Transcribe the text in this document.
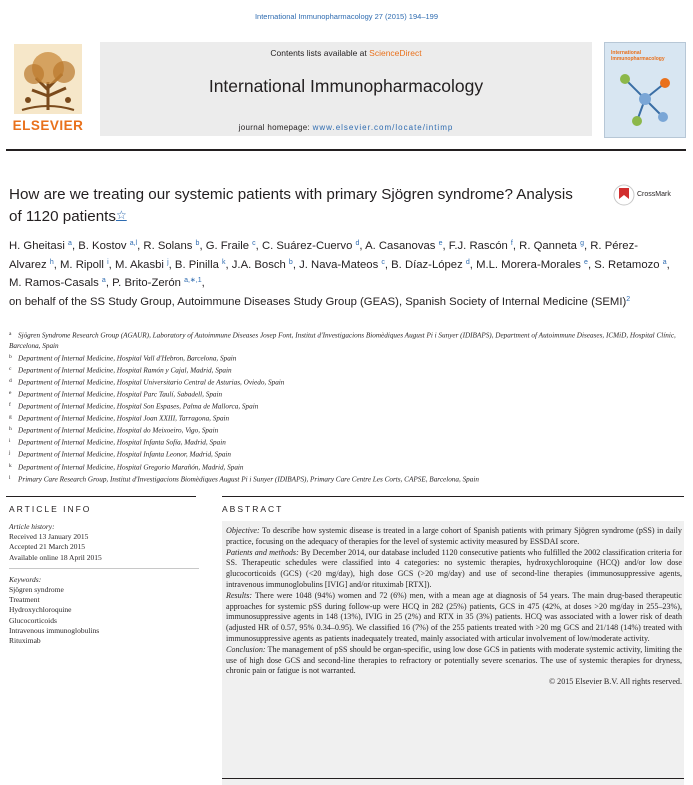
International Immunopharmacology 27 (2015) 194–199
ELSEVIER
Contents lists available at ScienceDirect
International Immunopharmacology
journal homepage: www.elsevier.com/locate/intimp
International Immunopharmacology
How are we treating our systemic patients with primary Sjögren syndrome? Analysis of 1120 patients☆
CrossMark
H. Gheitasi $^a$, B. Kostov $^{a,l}$, R. Solans $^b$, G. Fraile $^c$, C. Suárez-Cuervo $^d$, A. Casanovas $^e$, F.J. Rascón $^f$, R. Qanneta $^g$, R. Pérez-Alvarez $^h$, M. Ripoll $^i$, M. Akasbi $^j$, B. Pinilla $^k$, J.A. Bosch $^b$, J. Nava-Mateos $^c$, B. Díaz-López $^d$, M.L. Morera-Morales $^e$, S. Retamozo $^a$, M. Ramos-Casals $^a$, P. Brito-Zerón $^{a,∗,1}$,
on behalf of the SS Study Group, Autoimmune Diseases Study Group (GEAS), Spanish Society of Internal Medicine (SEMI)$^2$
a Sjögren Syndrome Research Group (AGAUR), Laboratory of Autoimmune Diseases Josep Font, Institut d'Investigacions Biomèdiques August Pi i Sunyer (IDIBAPS), Department of Autoimmune Diseases, ICMiD, Hospital Clínic, Barcelona, Spain
b Department of Internal Medicine, Hospital Vall d'Hebron, Barcelona, Spain
c Department of Internal Medicine, Hospital Ramón y Cajal, Madrid, Spain
d Department of Internal Medicine, Hospital Universitario Central de Asturias, Oviedo, Spain
e Department of Internal Medicine, Hospital Parc Taulí, Sabadell, Spain
f Department of Internal Medicine, Hospital Son Espases, Palma de Mallorca, Spain
g Department of Internal Medicine, Hospital Joan XXIII, Tarragona, Spain
h Department of Internal Medicine, Hospital do Meixoeiro, Vigo, Spain
i Department of Internal Medicine, Hospital Infanta Sofía, Madrid, Spain
j Department of Internal Medicine, Hospital Infanta Leonor, Madrid, Spain
k Department of Internal Medicine, Hospital Gregorio Marañón, Madrid, Spain
l Primary Care Research Group, Institut d'Investigacions Biomèdiques August Pi i Sunyer (IDIBAPS), Primary Care Centre Les Corts, CAPSE, Barcelona, Spain
ARTICLE INFO	ABSTRACT
Article history:
Received 13 January 2015
Accepted 21 March 2015
Available online 18 April 2015
Keywords:
Sjögren syndrome
Treatment
Hydroxychloroquine
Glucocorticoids
Intravenous immunoglobulins
Rituximab

Objective: To describe how systemic disease is treated in a large cohort of Spanish patients with primary Sjögren syndrome (pSS) in daily practice, focusing on the adequacy of therapies for the level of systemic activity measured by ESSDAI score.

Patients and methods: By December 2014, our database included 1120 consecutive patients who fulfilled the 2002 classification criteria for SS. Therapeutic schedules were classified into 4 categories: no systemic therapies, hydroxychloroquine (HCQ) and/or low dose glucocorticoids (GCS) (<20 mg/day), high dose GCS (>20 mg/day) and use of second-line therapies (immunosuppressive agents, intravenous immunoglobulins [IVIG] and/or rituximab [RTX]).

Results: There were 1048 (94%) women and 72 (6%) men, with a mean age at diagnosis of 54 years. The main drug-based therapeutic approaches for systemic pSS during follow-up were HCQ in 282 (25%) patients, GCS in 475 (42%, at doses >20 mg/day in 255–23%), immunosuppressive agents in 148 (13%), IVIG in 25 (2%) and RTX in 35 (3%) patients. HCQ was associated with a lower risk of death (adjusted HR of 0.57, 95% 0.34–0.95). We classified 16 (7%) of the 255 patients treated with >20 mg GCS and 21/148 (14%) treated with immunosuppressive agents as patients inadequately treated, mainly associated with articular involvement of low/moderate activity.

Conclusion: The management of pSS should be organ-specific, using low dose GCS in patients with moderate systemic activity, limiting the use of high dose GCS and second-line therapies to refractory or potentially severe scenarios. The use of systemic therapies for dryness, chronic pain or fatigue is not warranted.

© 2015 Elsevier B.V. All rights reserved.
